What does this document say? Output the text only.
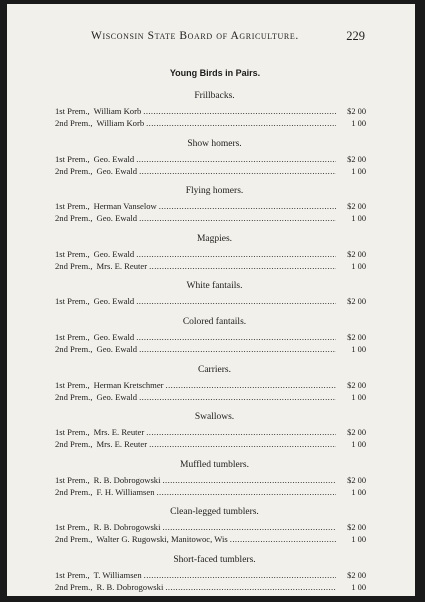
Wisconsin State Board of Agriculture.	229
Young Birds in Pairs.
Frillbacks.
1st Prem., William Korb .....	$2 00
2nd Prem., William Korb .....	1 00
Show homers.
1st Prem., Geo. Ewald .....	$2 00
2nd Prem., Geo. Ewald .....	1 00
Flying homers.
1st Prem., Herman Vanselow .....	$2 00
2nd Prem., Geo. Ewald .....	1 00
Magpies.
1st Prem., Geo. Ewald .....	$2 00
2nd Prem., Mrs. E. Reuter .....	1 00
White fantails.
1st Prem., Geo. Ewald .....	$2 00
Colored fantails.
1st Prem., Geo. Ewald .....	$2 00
2nd Prem., Geo. Ewald .....	1 00
Carriers.
1st Prem., Herman Kretschmer .....	$2 00
2nd Prem., Geo. Ewald .....	1 00
Swallows.
1st Prem., Mrs. E. Reuter .....	$2 00
2nd Prem., Mrs. E. Reuter .....	1 00
Muffled tumblers.
1st Prem., R. B. Dobrogowski .....	$2 00
2nd Prem., F. H. Williamsen .....	1 00
Clean-legged tumblers.
1st Prem., R. B. Dobrogowski .....	$2 00
2nd Prem., Walter G. Rugowski, Manitowoc, Wis .....	1 00
Short-faced tumblers.
1st Prem., T. Williamsen .....	$2 00
2nd Prem., R. B. Dobrogowski .....	1 00
